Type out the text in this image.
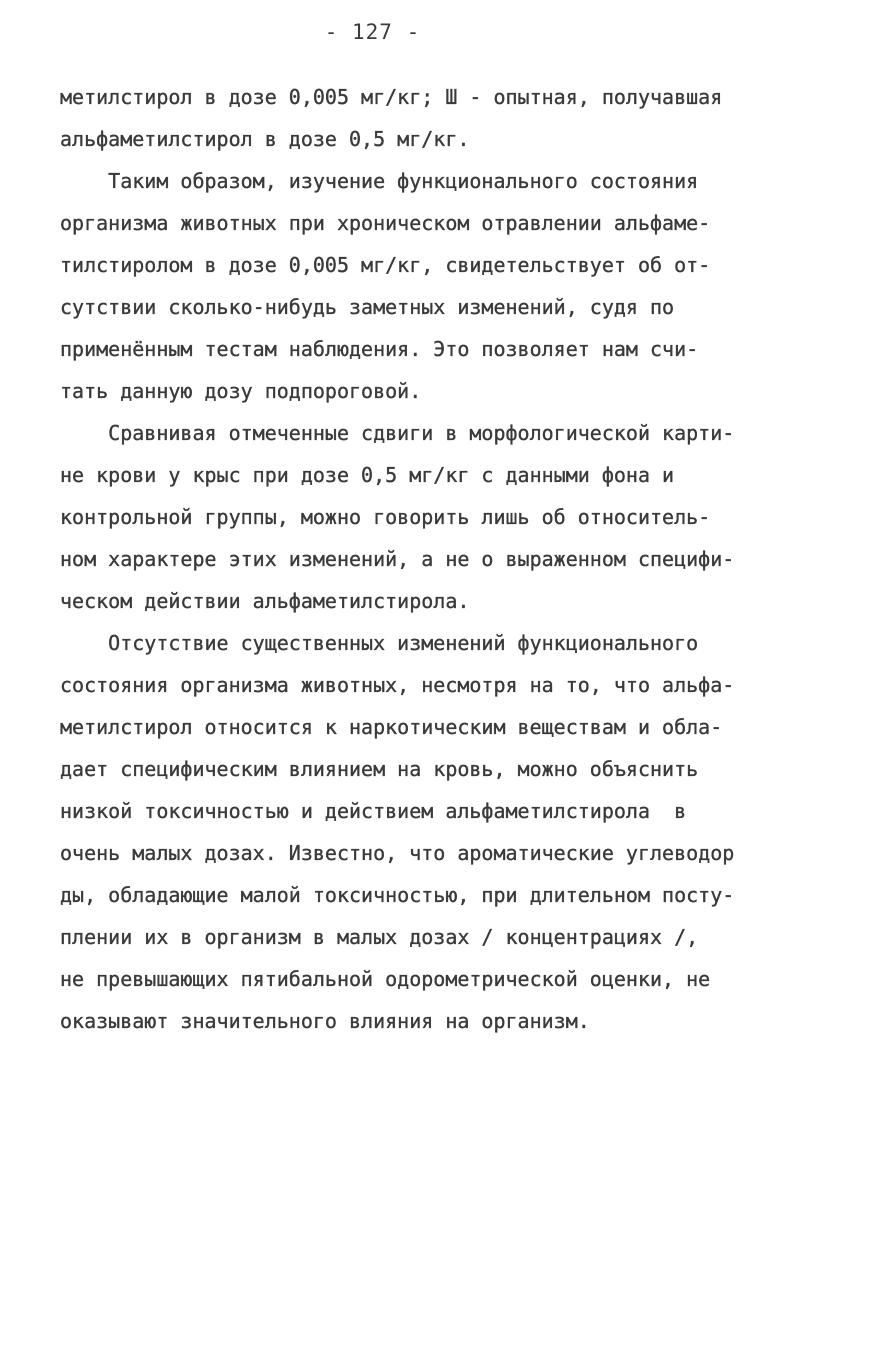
- 127 -
метилстирол в дозе 0,005 мг/кг; Ш - опытная, получавшая
альфаметилстирол в дозе 0,5 мг/кг.
Таким образом, изучение функционального состояния
организма животных при хроническом отравлении альфаме-
тилстиролом в дозе 0,005 мг/кг, свидетельствует об от-
сутствии сколько-нибудь заметных изменений, судя по
применённым тестам наблюдения. Это позволяет нам счи-
тать данную дозу подпороговой.
Сравнивая отмеченные сдвиги в морфологической карти-
не крови у крыс при дозе 0,5 мг/кг с данными фона и
контрольной группы, можно говорить лишь об относитель-
ном характере этих изменений, а не о выраженном специфи-
ческом действии альфаметилстирола.
Отсутствие существенных изменений функционального
состояния организма животных, несмотря на то, что альфа-
метилстирол относится к наркотическим веществам и обла-
дает специфическим влиянием на кровь, можно объяснить
низкой токсичностью и действием альфаметилстирола  в
очень малых дозах. Известно, что ароматические углеводор
ды, обладающие малой токсичностью, при длительном посту-
плении их в организм в малых дозах / концентрациях /,
не превышающих пятибальной одорометрической оценки, не
оказывают значительного влияния на организм.
